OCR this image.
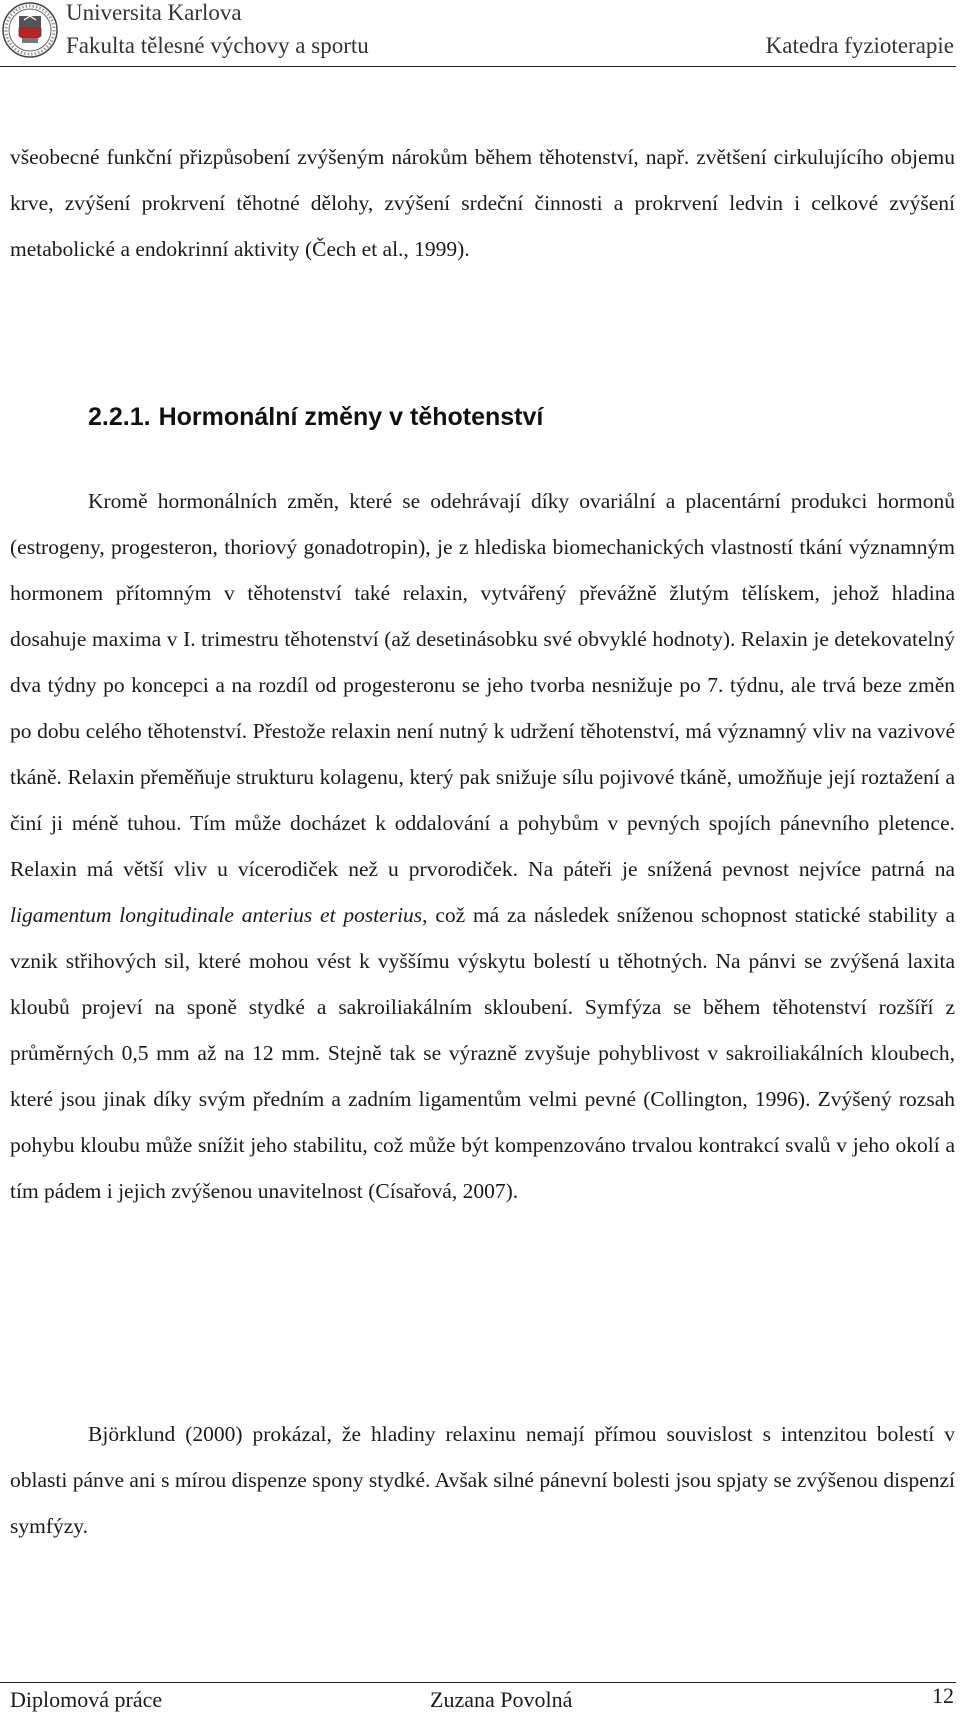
Universita Karlova
Fakulta tělesné výchovy a sportu	Katedra fyzioterapie

všeobecné funkční přizpůsobení zvýšeným nárokům během těhotenství, např. zvětšení cirkulujícího objemu krve, zvýšení prokrvení těhotné dělohy, zvýšení srdeční činnosti a prokrvení ledvin i celkové zvýšení metabolické a endokrinní aktivity (Čech et al., 1999).

2.2.1. Hormonální změny v těhotenství

Kromě hormonálních změn, které se odehrávají díky ovariální a placentární produkci hormonů (estrogeny, progesteron, thoriový gonadotropin), je z hlediska biomechanických vlastností tkání významným hormonem přítomným v těhotenství také relaxin, vytvářený převážně žlutým tělískem, jehož hladina dosahuje maxima v I. trimestru těhotenství (až desetinásobku své obvyklé hodnoty). Relaxin je detekovatelný dva týdny po koncepci a na rozdíl od progesteronu se jeho tvorba nesnižuje po 7. týdnu, ale trvá beze změn po dobu celého těhotenství. Přestože relaxin není nutný k udržení těhotenství, má významný vliv na vazivové tkáně. Relaxin přeměňuje strukturu kolagenu, který pak snižuje sílu pojivové tkáně, umožňuje její roztažení a činí ji méně tuhou. Tím může docházet k oddalování a pohybům v pevných spojích pánevního pletence. Relaxin má větší vliv u vícerodiček než u prvorodiček. Na páteři je snížená pevnost nejvíce patrná na ligamentum longitudinale anterius et posterius, což má za následek sníženou schopnost statické stability a vznik střihových sil, které mohou vést k vyššímu výskytu bolestí u těhotných. Na pánvi se zvýšená laxita kloubů projeví na sponě stydké a sakroiliakálním skloubení. Symfýza se během těhotenství rozšíří z průměrných 0,5 mm až na 12 mm. Stejně tak se výrazně zvyšuje pohyblivost v sakroiliakálních kloubech, které jsou jinak díky svým předním a zadním ligamentům velmi pevné (Collington, 1996). Zvýšený rozsah pohybu kloubu může snížit jeho stabilitu, což může být kompenzováno trvalou kontrakcí svalů v jeho okolí a tím pádem i jejich zvýšenou unavitelnost (Císařová, 2007).

Björklund (2000) prokázal, že hladiny relaxinu nemají přímou souvislost s intenzitou bolestí v oblasti pánve ani s mírou dispenze spony stydké. Avšak silné pánevní bolesti jsou spjaty se zvýšenou dispenzí symfýzy.

Diplomová práce	Zuzana Povolná	12
